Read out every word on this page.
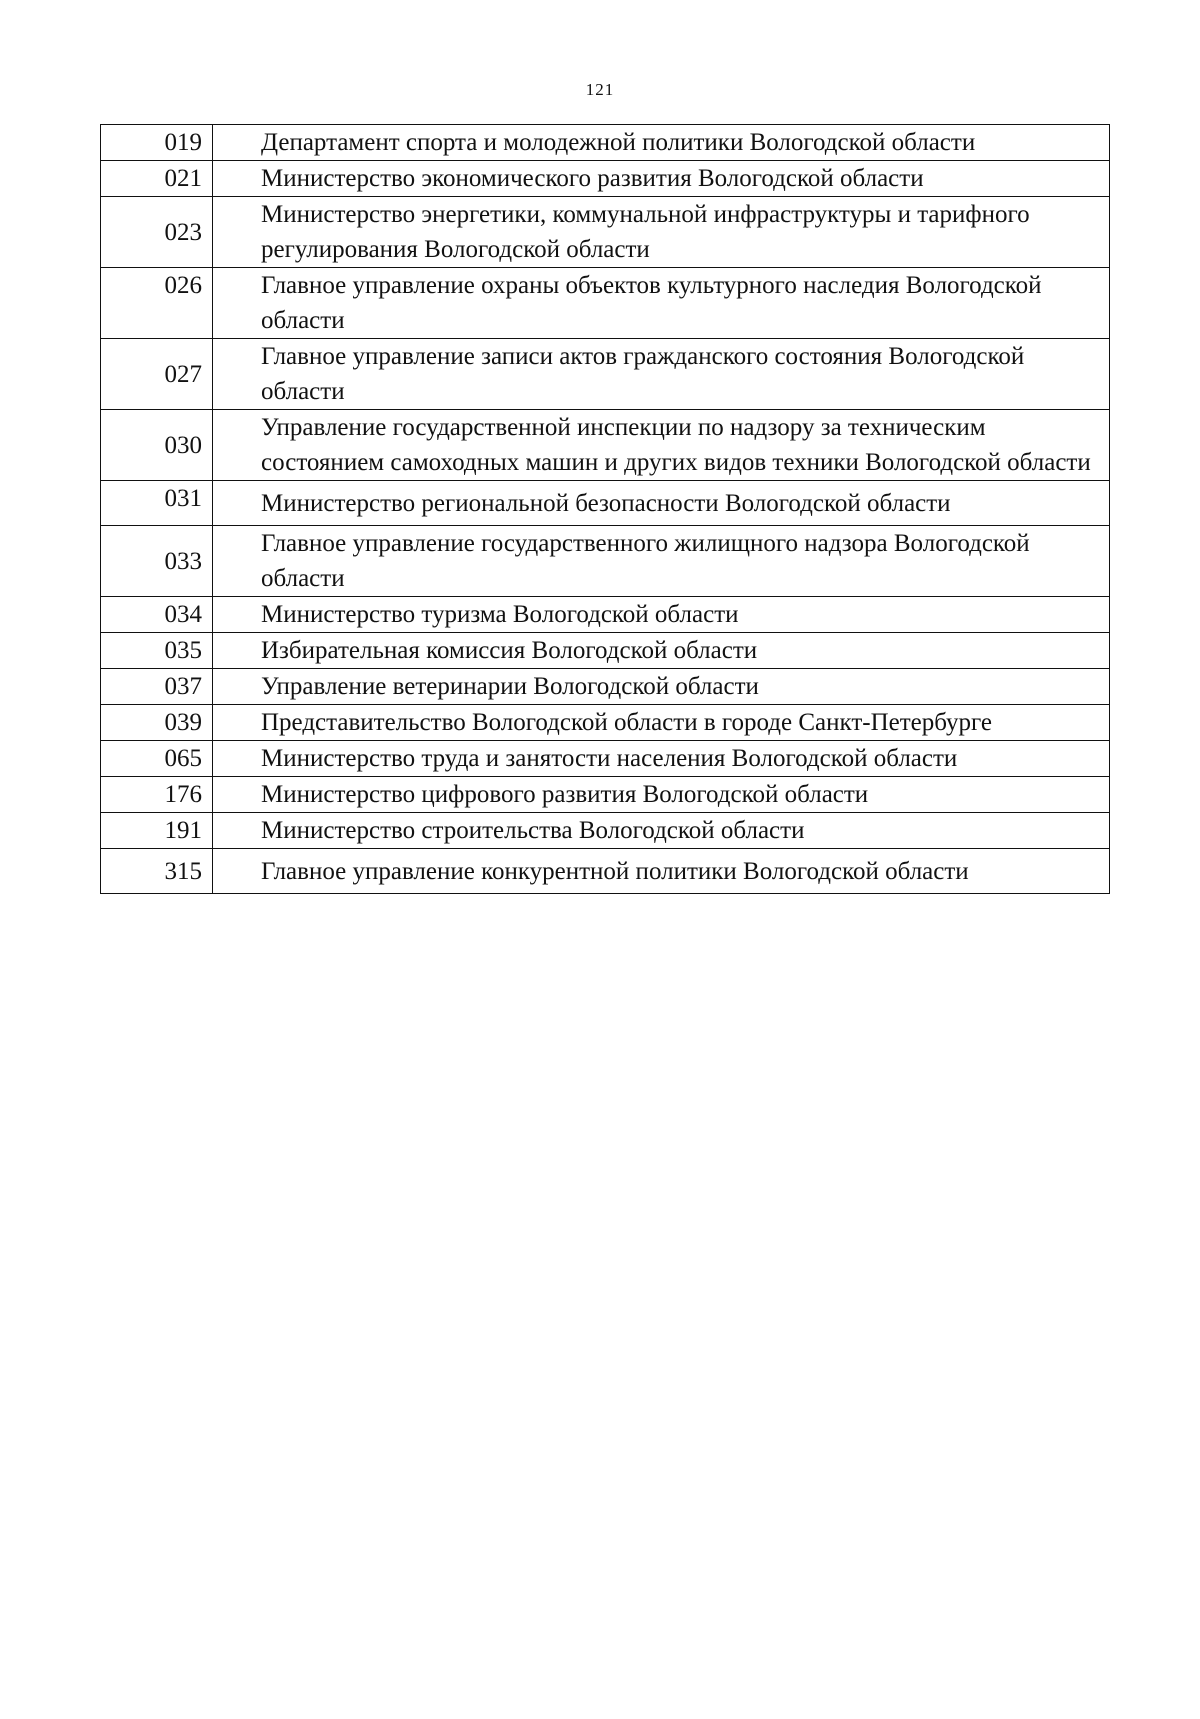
121
019	Департамент спорта и молодежной политики Вологодской области
021	Министерство экономического развития Вологодской области
023	Министерство энергетики, коммунальной инфраструктуры и тарифного регулирования Вологодской области
026	Главное управление охраны объектов культурного наследия Вологодской области
027	Главное управление записи актов гражданского состояния Вологодской области
030	Управление государственной инспекции по надзору за техническим состоянием самоходных машин и других видов техники Вологодской области
031	Министерство региональной безопасности Вологодской области
033	Главное управление государственного жилищного надзора Вологодской области
034	Министерство туризма Вологодской области
035	Избирательная комиссия Вологодской области
037	Управление ветеринарии Вологодской области
039	Представительство Вологодской области в городе Санкт-Петербурге
065	Министерство труда и занятости населения Вологодской области
176	Министерство цифрового развития Вологодской области
191	Министерство строительства Вологодской области
315	Главное управление конкурентной политики Вологодской области
